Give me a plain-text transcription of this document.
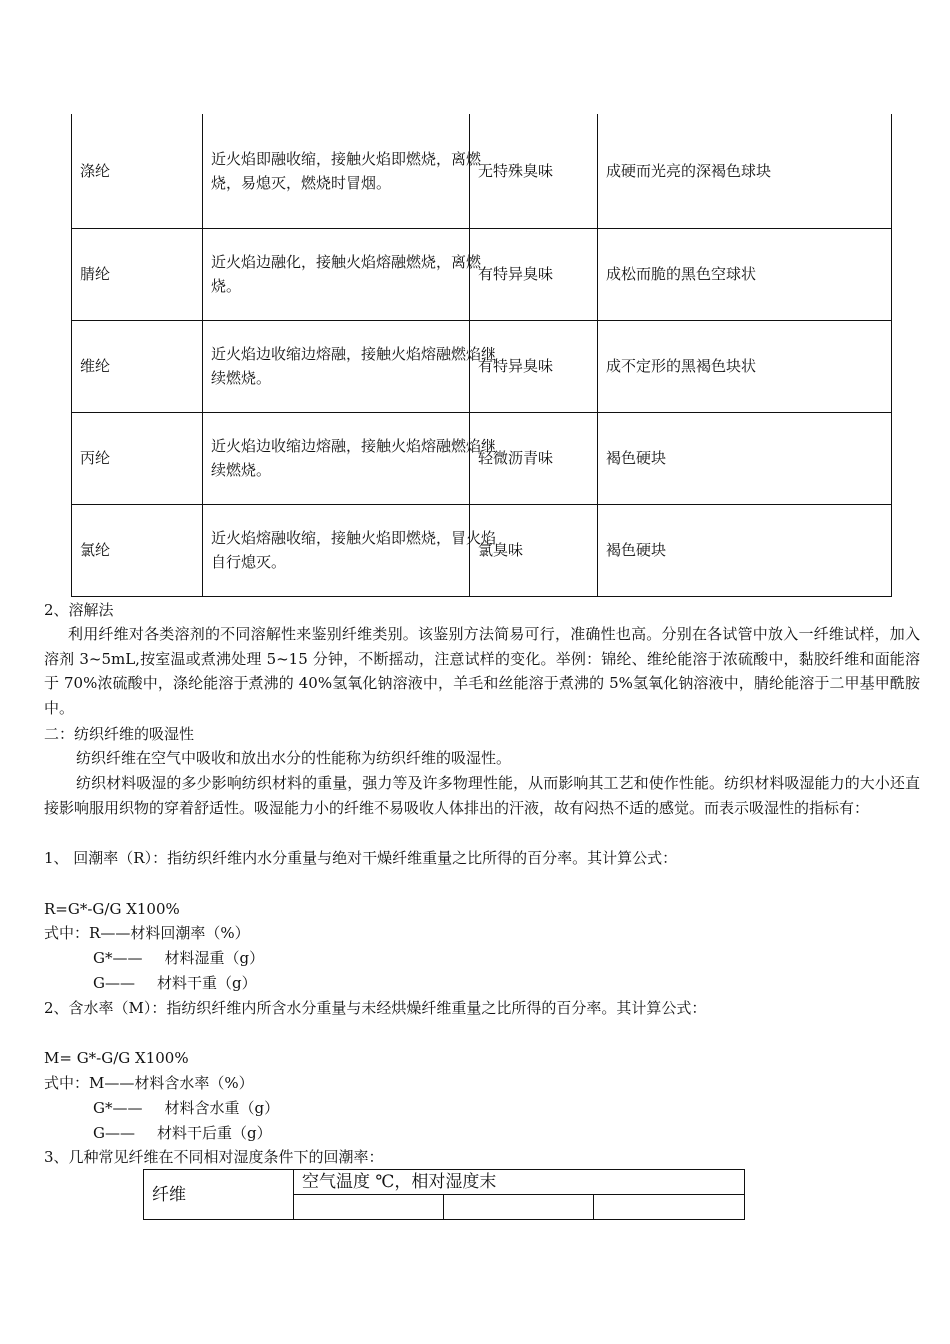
涤纶	近火焰即融收缩，接触火焰即燃烧，离燃烧，易熄灭，燃烧时冒烟。	无特殊臭味	成硬而光亮的深褐色球块
腈纶	近火焰边融化，接触火焰熔融燃烧，离燃烧。	有特异臭味	成松而脆的黑色空球状
维纶	近火焰边收缩边熔融，接触火焰熔融燃焰继续燃烧。	有特异臭味	成不定形的黑褐色块状
丙纶	近火焰边收缩边熔融，接触火焰熔融燃焰继续燃烧。	轻微沥青味	褐色硬块
氯纶	近火焰熔融收缩，接触火焰即燃烧，冒火焰自行熄灭。	氯臭味	褐色硬块
2、溶解法
利用纤维对各类溶剂的不同溶解性来鉴别纤维类别。该鉴别方法简易可行，准确性也高。分别在各试管中放入一纤维试样，加入溶剂 3~5mL,按室温或煮沸处理 5~15 分钟，不断摇动，注意试样的变化。举例：锦纶、维纶能溶于浓硫酸中，黏胶纤维和面能溶于 70%浓硫酸中，涤纶能溶于煮沸的 40%氢氧化钠溶液中，羊毛和丝能溶于煮沸的 5%氢氧化钠溶液中，腈纶能溶于二甲基甲酰胺中。
二：纺织纤维的吸湿性
纺织纤维在空气中吸收和放出水分的性能称为纺织纤维的吸湿性。
纺织材料吸湿的多少影响纺织材料的重量，强力等及许多物理性能，从而影响其工艺和使作性能。纺织材料吸湿能力的大小还直接影响服用织物的穿着舒适性。吸湿能力小的纤维不易吸收人体排出的汗液，故有闷热不适的感觉。而表示吸湿性的指标有：
1、 回潮率（R）：指纺织纤维内水分重量与绝对干燥纤维重量之比所得的百分率。其计算公式：
R=G*-G/G X100%
式中：R——材料回潮率（%）
G*—— 材料湿重（g）
G—— 材料干重（g）
2、含水率（M）：指纺织纤维内所含水分重量与未经烘燥纤维重量之比所得的百分率。其计算公式：
M= G*-G/G X100%
式中：M——材料含水率（%）
G*—— 材料含水重（g）
G—— 材料干后重（g）
3、几种常见纤维在不同相对湿度条件下的回潮率：
纤维	空气温度 ℃，相对湿度末		
